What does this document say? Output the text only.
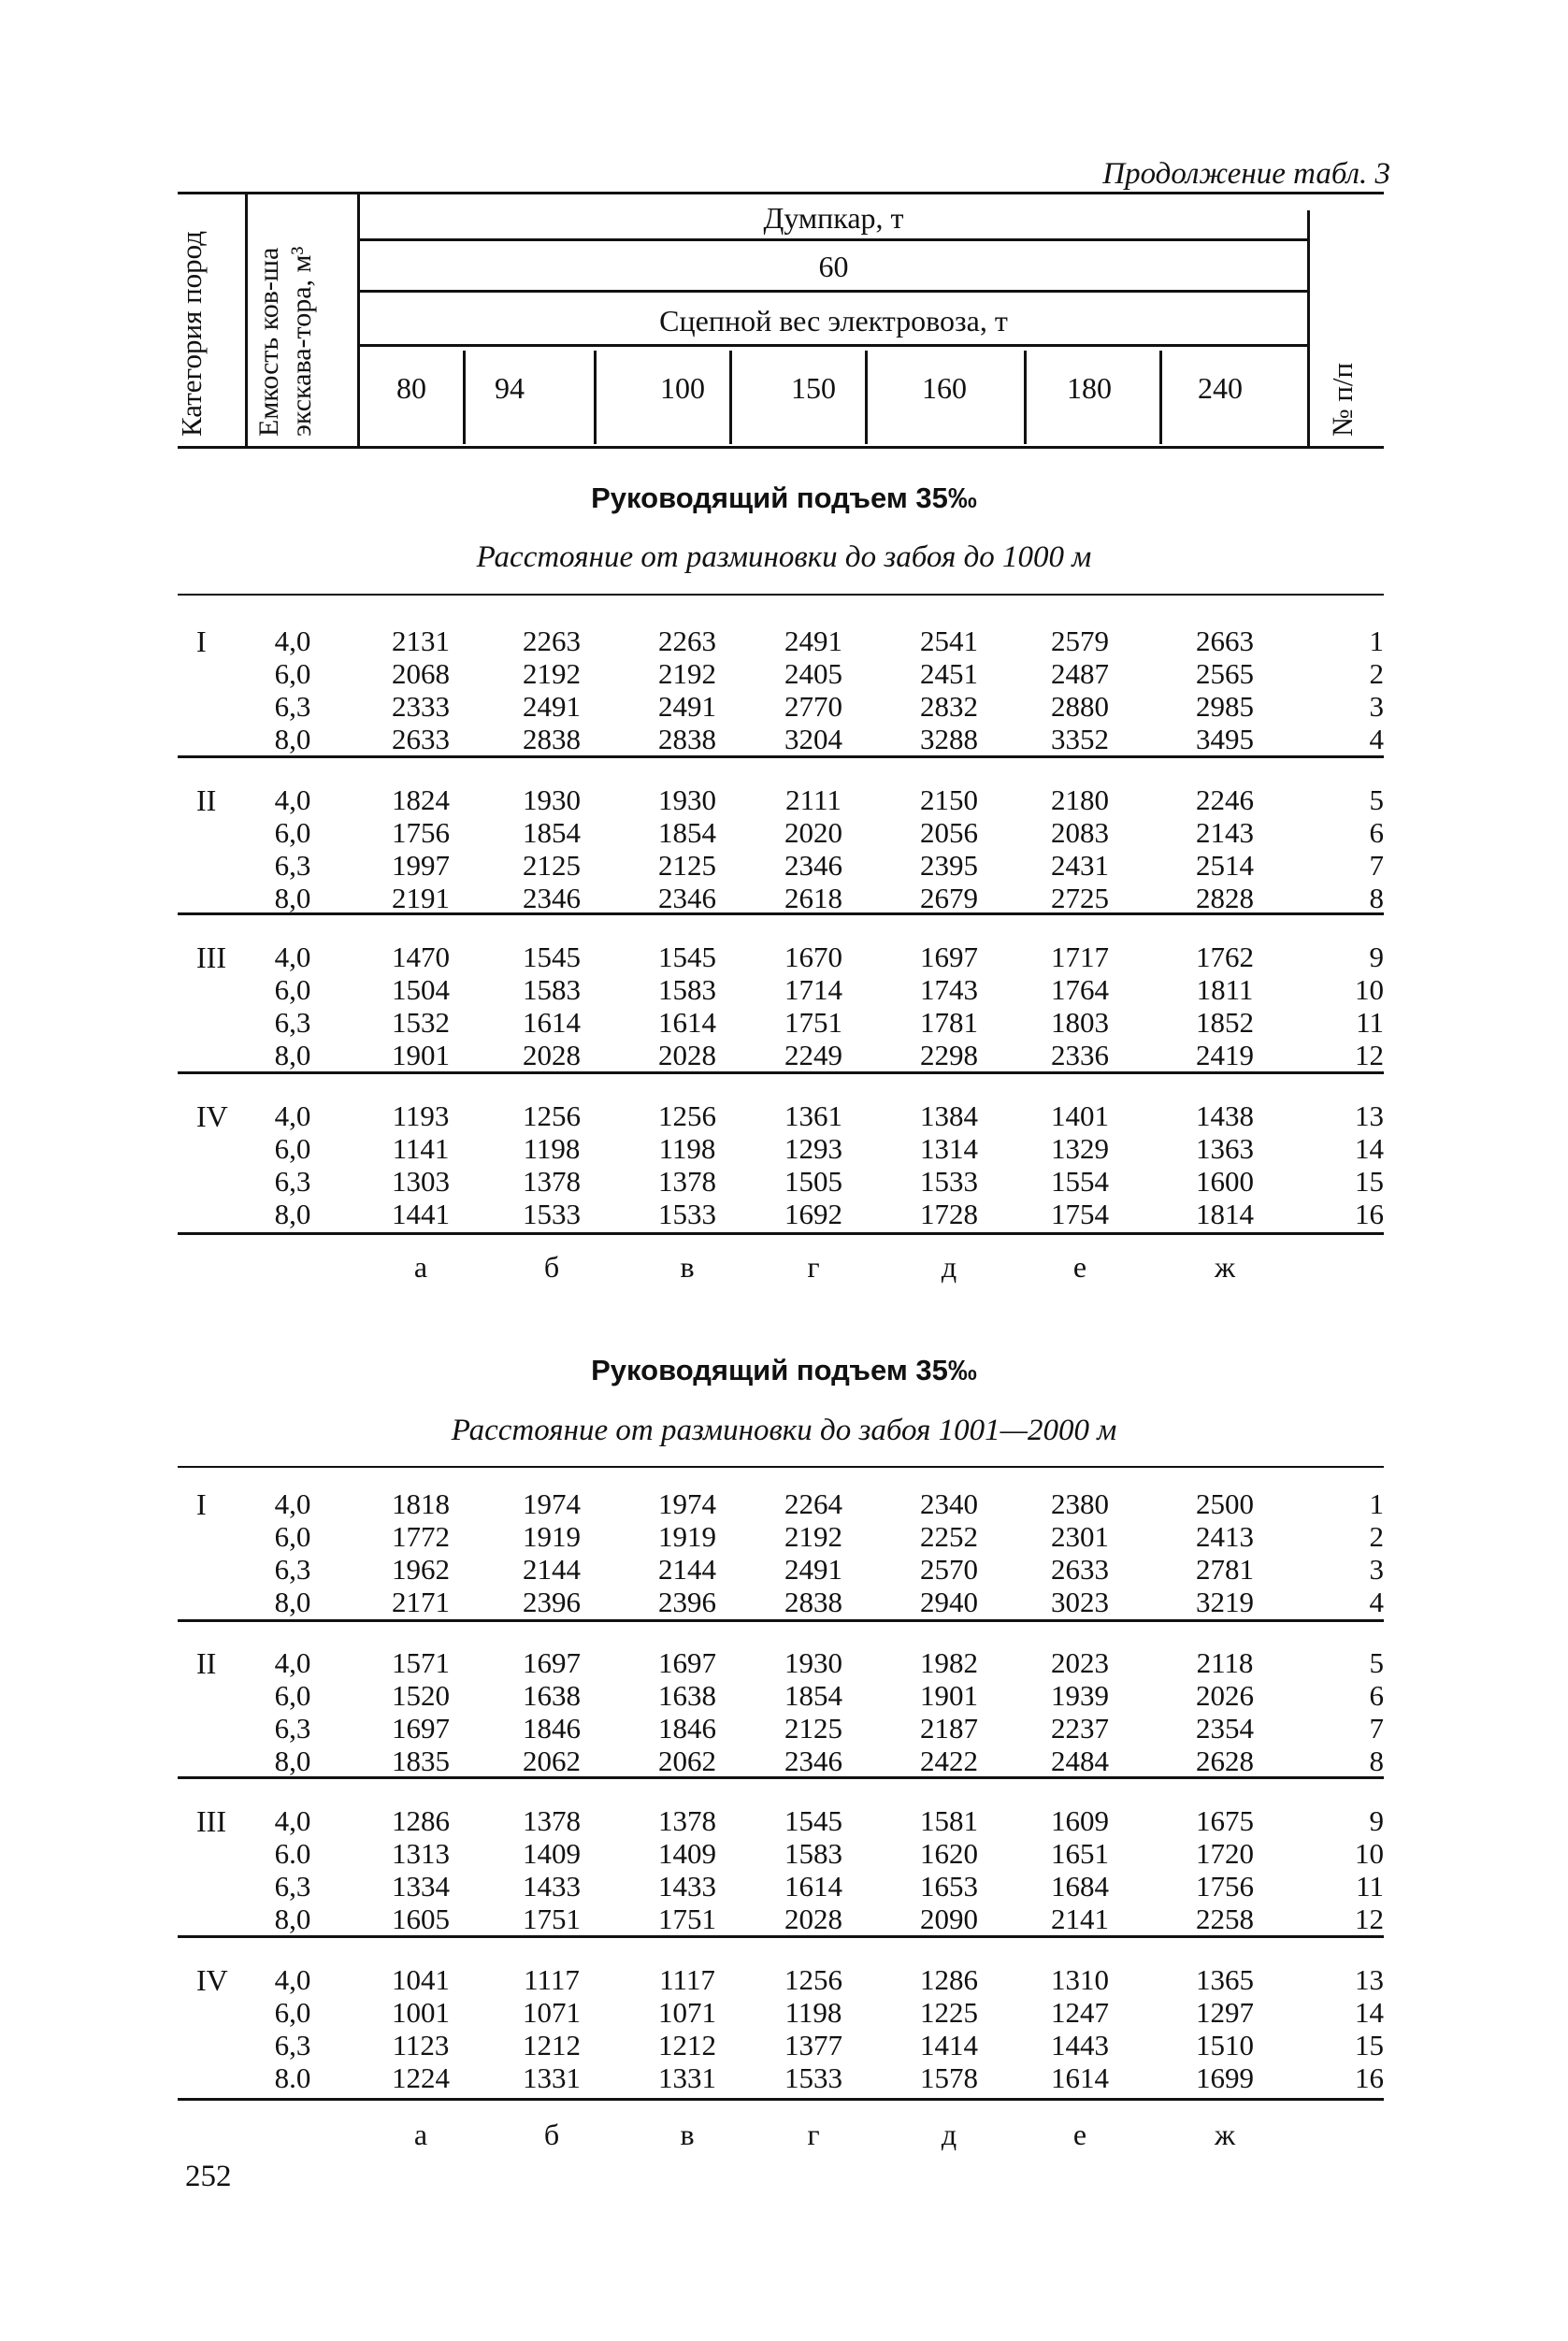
Продолжение табл. 3
Категория пород Емкость ков-ша экскава-тора, м³
Думпкар, т
60
Сцепной вес электровоза, т
80	94	100	150	160	180	240	№ п/п
Руководящий подъем 35‰
Расстояние от разминовки до забоя до 1000 м
I	4,0	2131	2263	2263	2491	2541	2579	2663	1
6,0	2068	2192	2192	2405	2451	2487	2565	2
6,3	2333	2491	2491	2770	2832	2880	2985	3
8,0	2633	2838	2838	3204	3288	3352	3495	4
II	4,0	1824	1930	1930	2111	2150	2180	2246	5
6,0	1756	1854	1854	2020	2056	2083	2143	6
6,3	1997	2125	2125	2346	2395	2431	2514	7
8,0	2191	2346	2346	2618	2679	2725	2828	8
III	4,0	1470	1545	1545	1670	1697	1717	1762	9
6,0	1504	1583	1583	1714	1743	1764	1811	10
6,3	1532	1614	1614	1751	1781	1803	1852	11
8,0	1901	2028	2028	2249	2298	2336	2419	12
IV	4,0	1193	1256	1256	1361	1384	1401	1438	13
6,0	1141	1198	1198	1293	1314	1329	1363	14
6,3	1303	1378	1378	1505	1533	1554	1600	15
8,0	1441	1533	1533	1692	1728	1754	1814	16
а	б	в	г	д	е	ж
Руководящий подъем 35‰
Расстояние от разминовки до забоя 1001—2000 м
I	4,0	1818	1974	1974	2264	2340	2380	2500	1
6,0	1772	1919	1919	2192	2252	2301	2413	2
6,3	1962	2144	2144	2491	2570	2633	2781	3
8,0	2171	2396	2396	2838	2940	3023	3219	4
II	4,0	1571	1697	1697	1930	1982	2023	2118	5
6,0	1520	1638	1638	1854	1901	1939	2026	6
6,3	1697	1846	1846	2125	2187	2237	2354	7
8,0	1835	2062	2062	2346	2422	2484	2628	8
III	4,0	1286	1378	1378	1545	1581	1609	1675	9
6.0	1313	1409	1409	1583	1620	1651	1720	10
6,3	1334	1433	1433	1614	1653	1684	1756	11
8,0	1605	1751	1751	2028	2090	2141	2258	12
IV	4,0	1041	1117	1117	1256	1286	1310	1365	13
6,0	1001	1071	1071	1198	1225	1247	1297	14
6,3	1123	1212	1212	1377	1414	1443	1510	15
8.0	1224	1331	1331	1533	1578	1614	1699	16
а	б	в	г	д	е	ж
252
